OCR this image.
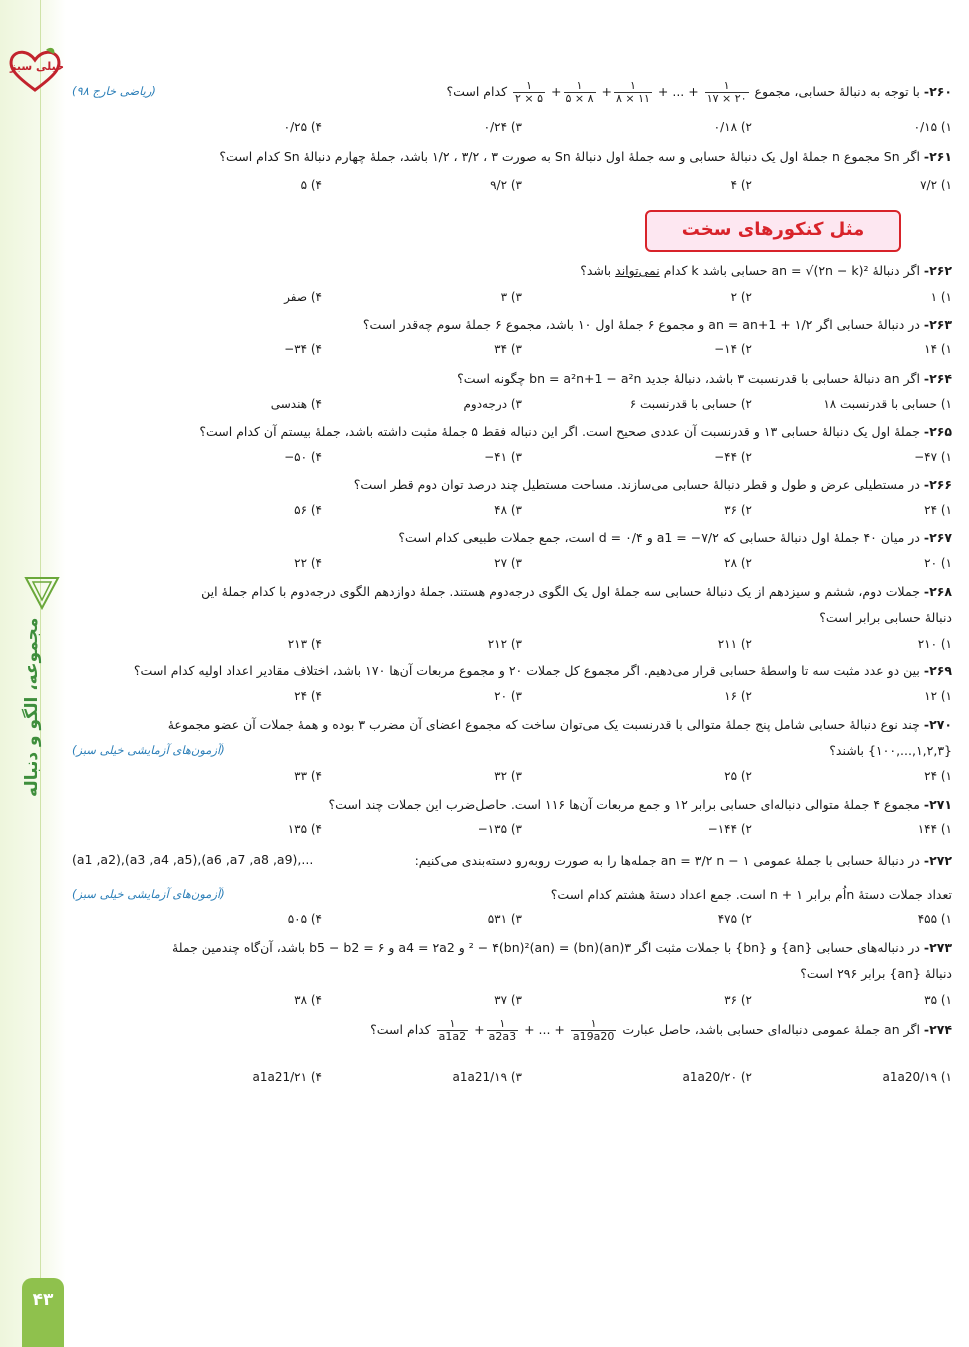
خیلی سبز
مجموعه، الگو و دنباله
۴۳
مثل کنکورهای سخت
۲۶۰- با توجه به دنبالهٔ حسابی، مجموع
$\frac{۱}{۱۷ \times ۲۰}$
+ ... +
$\frac{۱}{۸ \times ۱۱}$
+
$\frac{۱}{۵ \times ۸}$
+
$\frac{۱}{۲ \times ۵}$
کدام است؟
(ریاضی خارج ۹۸)
۱) ۰/۱۵
۲) ۰/۱۸
۳) ۰/۲۴
۴) ۰/۲۵
۲۶۱- اگر Sn مجموع n جملهٔ اول یک دنبالهٔ حسابی و سه جملهٔ اول دنبالهٔ Sn به صورت ۳ ، ۳/۲ ، ۱/۲ باشد، جملهٔ چهارم دنبالهٔ Sn کدام است؟
۱) ۷/۲
۲) ۴
۳) ۹/۲
۴) ۵
۲۶۲- اگر دنبالهٔ an = √(۲n − k)² حسابی باشد k کدام نمی‌تواند باشد؟
۱) ۱
۲) ۲
۳) ۳
۴) صفر
۲۶۳- در دنبالهٔ حسابی اگر an = an+1 + ۱/۲ و مجموع ۶ جملهٔ اول ۱۰ باشد، مجموع ۶ جملهٔ سوم چه‌قدر است؟
۱) ۱۴
۲) ۱۴−
۳) ۳۴
۴) ۳۴−
۲۶۴- اگر an دنبالهٔ حسابی با قدرنسبت ۳ باشد، دنبالهٔ جدید bn = a²n+1 − a²n چگونه است؟
۱) حسابی با قدرنسبت ۱۸
۲) حسابی با قدرنسبت ۶
۳) درجه‌دوم
۴) هندسی
۲۶۵- جملهٔ اول یک دنبالهٔ حسابی ۱۳ و قدرنسبت آن عددی صحیح است. اگر این دنباله فقط ۵ جملهٔ مثبت داشته باشد، جملهٔ بیستم آن کدام است؟
۱) ۴۷−
۲) ۴۴−
۳) ۴۱−
۴) ۵۰−
۲۶۶- در مستطیلی عرض و طول و قطر دنبالهٔ حسابی می‌سازند. مساحت مستطیل چند درصد توان دوم قطر است؟
۱) ۲۴
۲) ۳۶
۳) ۴۸
۴) ۵۶
۲۶۷- در میان ۴۰ جملهٔ اول دنبالهٔ حسابی که a1 = −۷/۲ و d = ۰/۴ است، جمع جملات طبیعی کدام است؟
۱) ۲۰
۲) ۲۸
۳) ۲۷
۴) ۲۲
۲۶۸- جملات دوم، ششم و سیزدهم از یک دنبالهٔ حسابی سه جملهٔ اول یک الگوی درجه‌دوم هستند. جملهٔ دوازدهم الگوی درجه‌دوم با کدام جملهٔ این
دنبالهٔ حسابی برابر است؟
۱) ۲۱۰
۲) ۲۱۱
۳) ۲۱۲
۴) ۲۱۳
۲۶۹- بین دو عدد مثبت سه تا واسطهٔ حسابی قرار می‌دهیم. اگر مجموع کل جملات ۲۰ و مجموع مربعات آن‌ها ۱۷۰ باشد، اختلاف مقادیر اعداد اولیه کدام است؟
۱) ۱۲
۲) ۱۶
۳) ۲۰
۴) ۲۴
۲۷۰- چند نوع دنبالهٔ حسابی شامل پنج جملهٔ متوالی با قدرنسبت یک می‌توان ساخت که مجموع اعضای آن مضرب ۳ بوده و همهٔ جملات آن عضو مجموعهٔ
{۱,۲,۳,...,۱۰۰} باشند؟
(آزمون‌های آزمایشی خیلی سبز)
۱) ۲۴
۲) ۲۵
۳) ۳۲
۴) ۳۳
۲۷۱- مجموع ۴ جملهٔ متوالی دنباله‌ای حسابی برابر ۱۲ و جمع مربعات آن‌ها ۱۱۶ است. حاصل‌ضرب این جملات چند است؟
۱) ۱۴۴
۲) ۱۴۴−
۳) ۱۳۵−
۴) ۱۳۵
۲۷۲- در دنبالهٔ حسابی با جملهٔ عمومی an = ۳/۲ n − ۱ جمله‌ها را به صورت روبه‌رو دسته‌بندی می‌کنیم:
(a1 ,a2),(a3 ,a4 ,a5),(a6 ,a7 ,a8 ,a9),...
تعداد جملات دستهٔ nاُم برابر n + ۱ است. جمع اعداد دستهٔ هشتم کدام است؟
(آزمون‌های آزمایشی خیلی سبز)
۱) ۴۵۵
۲) ۴۷۵
۳) ۵۳۱
۴) ۵۰۵
۲۷۳- در دنباله‌های حسابی {an} و {bn} با جملات مثبت اگر ۳(an)(bn) = (an)² − ۴(bn)² و a4 = ۲a2 و b5 − b2 = ۶ باشد، آن‌گاه چندمین جملهٔ
دنبالهٔ {an} برابر ۲۹۶ است؟
۱) ۳۵
۲) ۳۶
۳) ۳۷
۴) ۳۸
۲۷۴- اگر an جملهٔ عمومی دنباله‌ای حسابی باشد، حاصل عبارت
$\frac{۱}{a19a20}$
+ ... +
$\frac{۱}{a2a3}$
+
$\frac{۱}{a1a2}$
کدام است؟
۱) ۱۹/a1a20
۲) ۲۰/a1a20
۳) ۱۹/a1a21
۴) ۲۱/a1a21
